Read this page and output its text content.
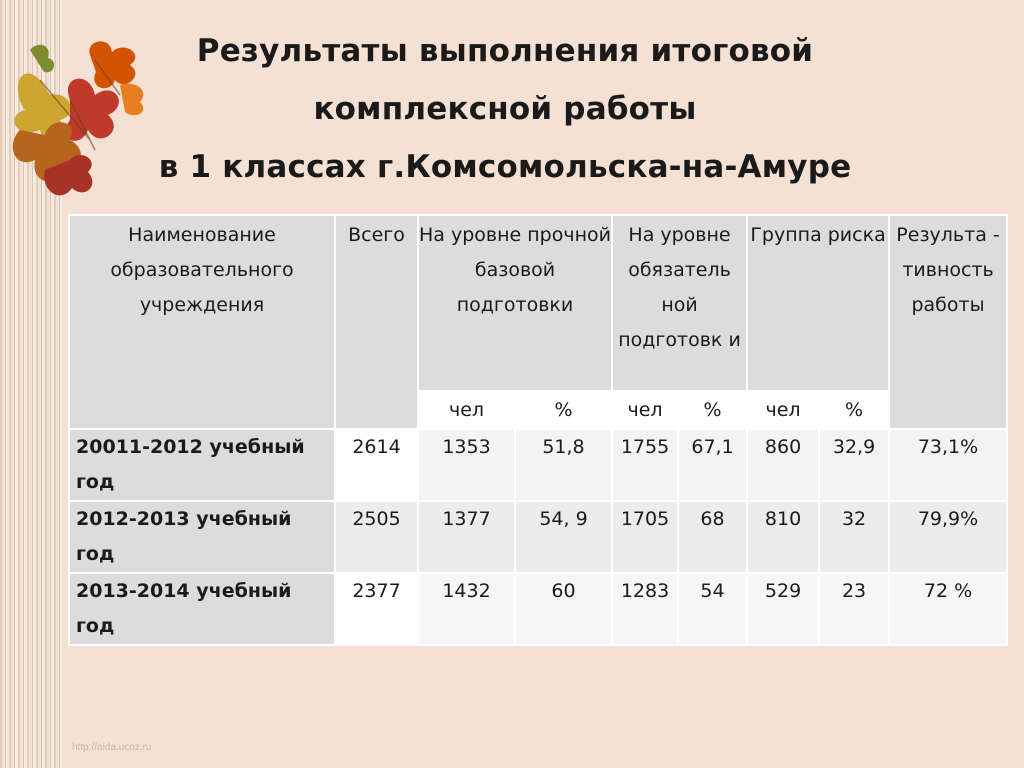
Результаты выполнения итоговой
комплексной работы
в 1 классах г.Комсомольска-на-Амуре
Наименование образовательного учреждения	Всего	На уровне прочной базовой подготовки		На уровне обязатель ной подготовк и		Группа риска		Результа - тивность работы
		чел	%	чел	%	чел	%	
20011-2012 учебный год	2614	1353	51,8	1755	67,1	860	32,9	73,1%
2012-2013 учебный год	2505	1377	54, 9	1705	68	810	32	79,9%
2013-2014 учебный год	2377	1432	60	1283	54	529	23	72 %
http://aida.ucoz.ru
